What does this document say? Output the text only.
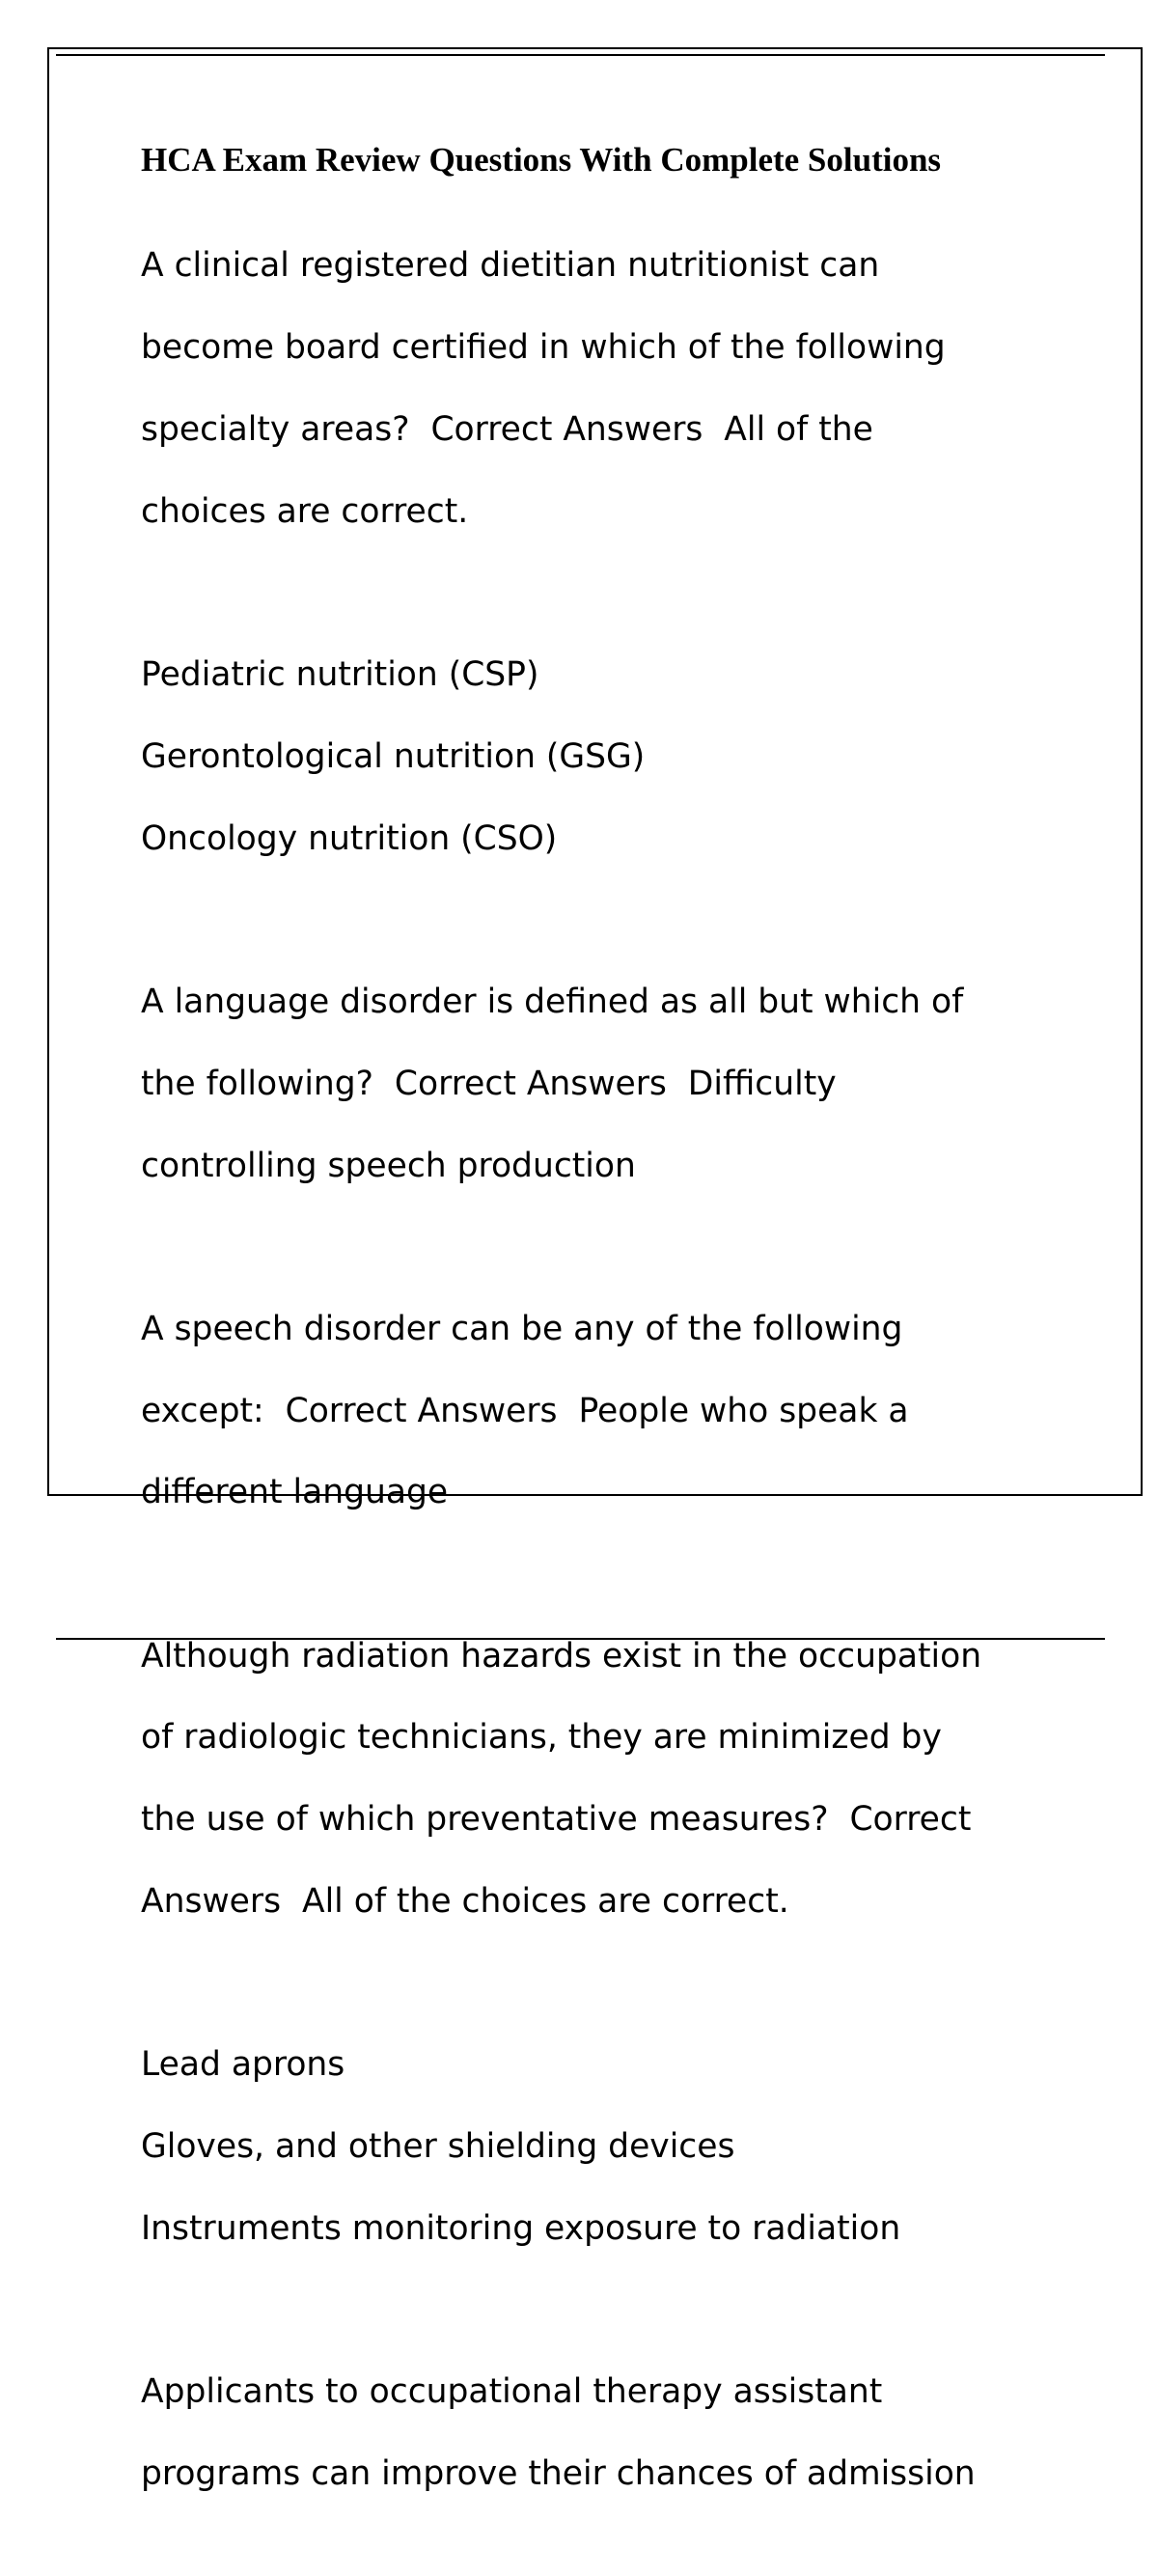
HCA Exam Review Questions With Complete Solutions

A clinical registered dietitian nutritionist can

become board certified in which of the following

specialty areas?  Correct Answers  All of the

choices are correct.

Pediatric nutrition (CSP)

Gerontological nutrition (GSG)

Oncology nutrition (CSO)

A language disorder is defined as all but which of

the following?  Correct Answers  Difficulty

controlling speech production

A speech disorder can be any of the following

except:  Correct Answers  People who speak a

different language

Although radiation hazards exist in the occupation

of radiologic technicians, they are minimized by

the use of which preventative measures?  Correct

Answers  All of the choices are correct.

Lead aprons

Gloves, and other shielding devices

Instruments monitoring exposure to radiation

Applicants to occupational therapy assistant

programs can improve their chances of admission
